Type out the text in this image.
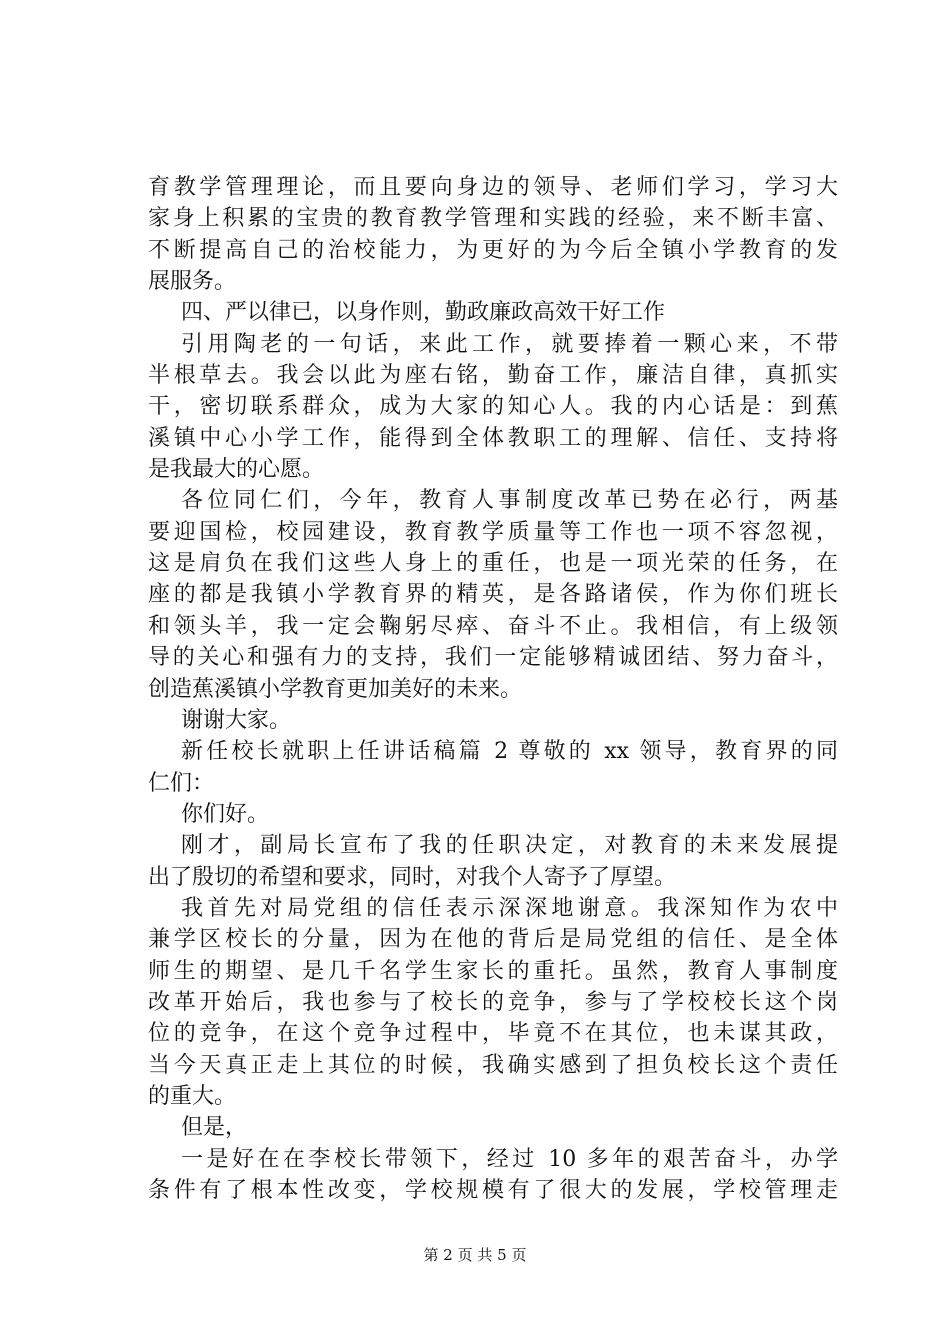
育教学管理理论，而且要向身边的领导、老师们学习，学习大
家身上积累的宝贵的教育教学管理和实践的经验，来不断丰富、
不断提高自己的治校能力，为更好的为今后全镇小学教育的发
展服务。
四、严以律已，以身作则，勤政廉政高效干好工作
引用陶老的一句话，来此工作，就要捧着一颗心来，不带
半根草去。我会以此为座右铭，勤奋工作，廉洁自律，真抓实
干，密切联系群众，成为大家的知心人。我的内心话是：到蕉
溪镇中心小学工作，能得到全体教职工的理解、信任、支持将
是我最大的心愿。
各位同仁们，今年，教育人事制度改革已势在必行，两基
要迎国检，校园建设，教育教学质量等工作也一项不容忽视，
这是肩负在我们这些人身上的重任，也是一项光荣的任务，在
座的都是我镇小学教育界的精英，是各路诸侯，作为你们班长
和领头羊，我一定会鞠躬尽瘁、奋斗不止。我相信，有上级领
导的关心和强有力的支持，我们一定能够精诚团结、努力奋斗，
创造蕉溪镇小学教育更加美好的未来。
谢谢大家。
新任校长就职上任讲话稿篇 2 尊敬的 xx 领导，教育界的同
仁们：
你们好。
刚才，副局长宣布了我的任职决定，对教育的未来发展提
出了殷切的希望和要求，同时，对我个人寄予了厚望。
我首先对局党组的信任表示深深地谢意。我深知作为农中
兼学区校长的分量，因为在他的背后是局党组的信任、是全体
师生的期望、是几千名学生家长的重托。虽然，教育人事制度
改革开始后，我也参与了校长的竞争，参与了学校校长这个岗
位的竞争，在这个竞争过程中，毕竟不在其位，也未谋其政，
当今天真正走上其位的时候，我确实感到了担负校长这个责任
的重大。
但是，
一是好在在李校长带领下，经过 10 多年的艰苦奋斗，办学
条件有了根本性改变，学校规模有了很大的发展，学校管理走
第 2 页 共 5 页
